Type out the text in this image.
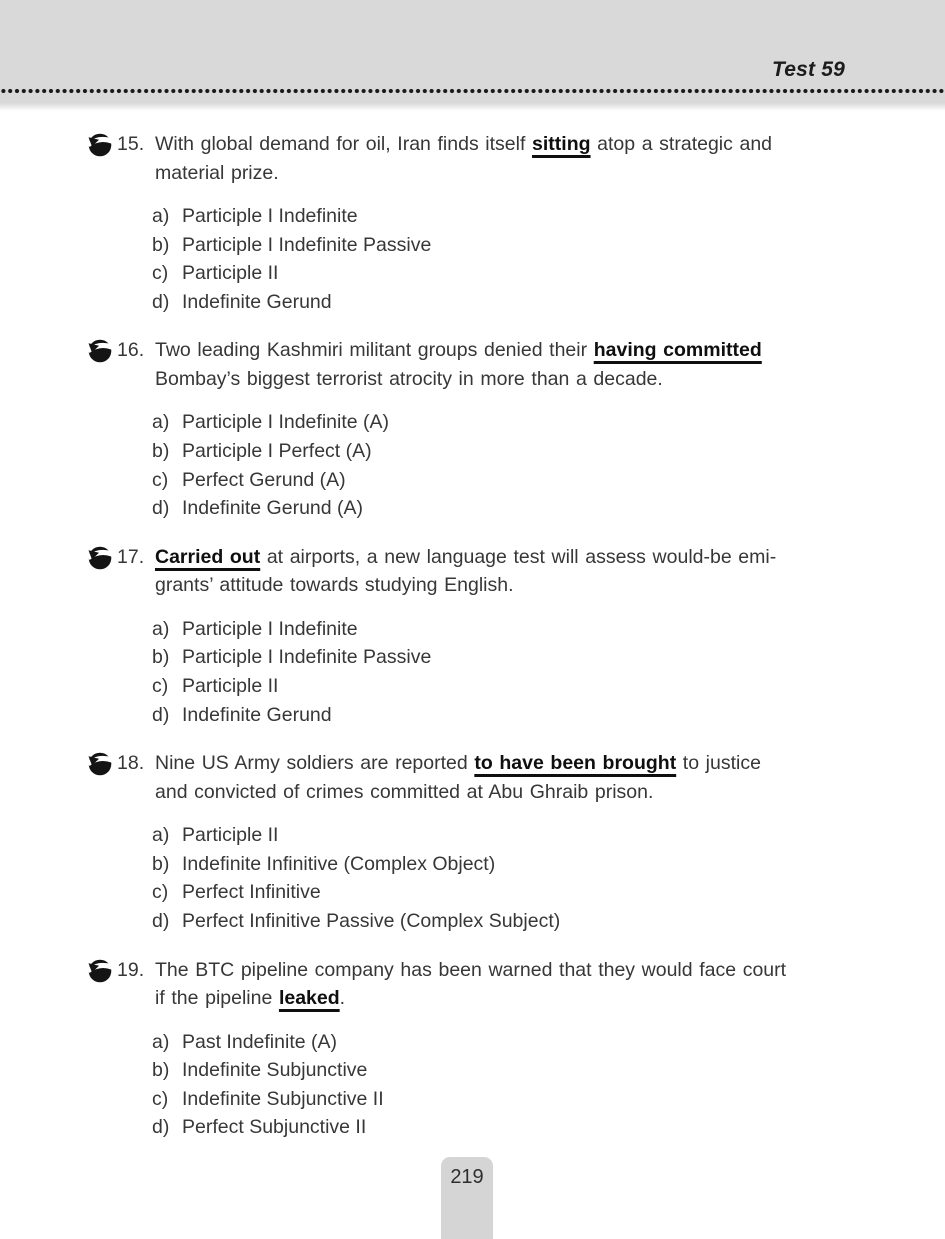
Test 59
15. With global demand for oil, Iran finds itself sitting atop a strategic and
material prize.
a) Participle I Indefinite
b) Participle I Indefinite Passive
c) Participle II
d) Indefinite Gerund
16. Two leading Kashmiri militant groups denied their having committed
Bombay’s biggest terrorist atrocity in more than a decade.
a) Participle I Indefinite (A)
b) Participle I Perfect (A)
c) Perfect Gerund (A)
d) Indefinite Gerund (A)
17. Carried out at airports, a new language test will assess would-be emi-
grants’ attitude towards studying English.
a) Participle I Indefinite
b) Participle I Indefinite Passive
c) Participle II
d) Indefinite Gerund
18. Nine US Army soldiers are reported to have been brought to justice
and convicted of crimes committed at Abu Ghraib prison.
a) Participle II
b) Indefinite Infinitive (Complex Object)
c) Perfect Infinitive
d) Perfect Infinitive Passive (Complex Subject)
19. The BTC pipeline company has been warned that they would face court
if the pipeline leaked.
a) Past Indefinite (A)
b) Indefinite Subjunctive
c) Indefinite Subjunctive II
d) Perfect Subjunctive II
219
